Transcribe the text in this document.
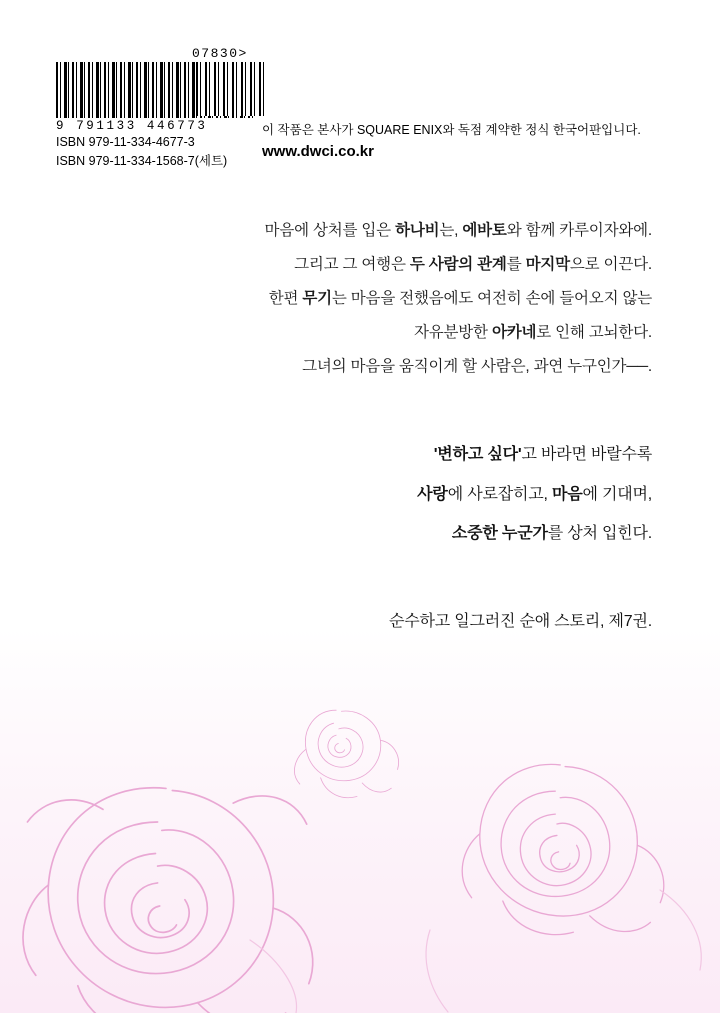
07830>
9 791133 446773
ISBN 979-11-334-4677-3
ISBN 979-11-334-1568-7(세트)
이 작품은 본사가 SQUARE ENIX와 독점 계약한 정식 한국어판입니다.
www.dwci.co.kr

마음에 상처를 입은 하나비는, 에바토와 함께 카루이자와에.

그리고 그 여행은 두 사람의 관계를 마지막으로 이끈다.

한편 무기는 마음을 전했음에도 여전히 손에 들어오지 않는

자유분방한 아카네로 인해 고뇌한다.

그녀의 마음을 움직이게 할 사람은, 과연 누구인가──.

'변하고 싶다'고 바라면 바랄수록

사랑에 사로잡히고, 마음에 기대며,

소중한 누군가를 상처 입힌다.

순수하고 일그러진 순애 스토리, 제7권.
